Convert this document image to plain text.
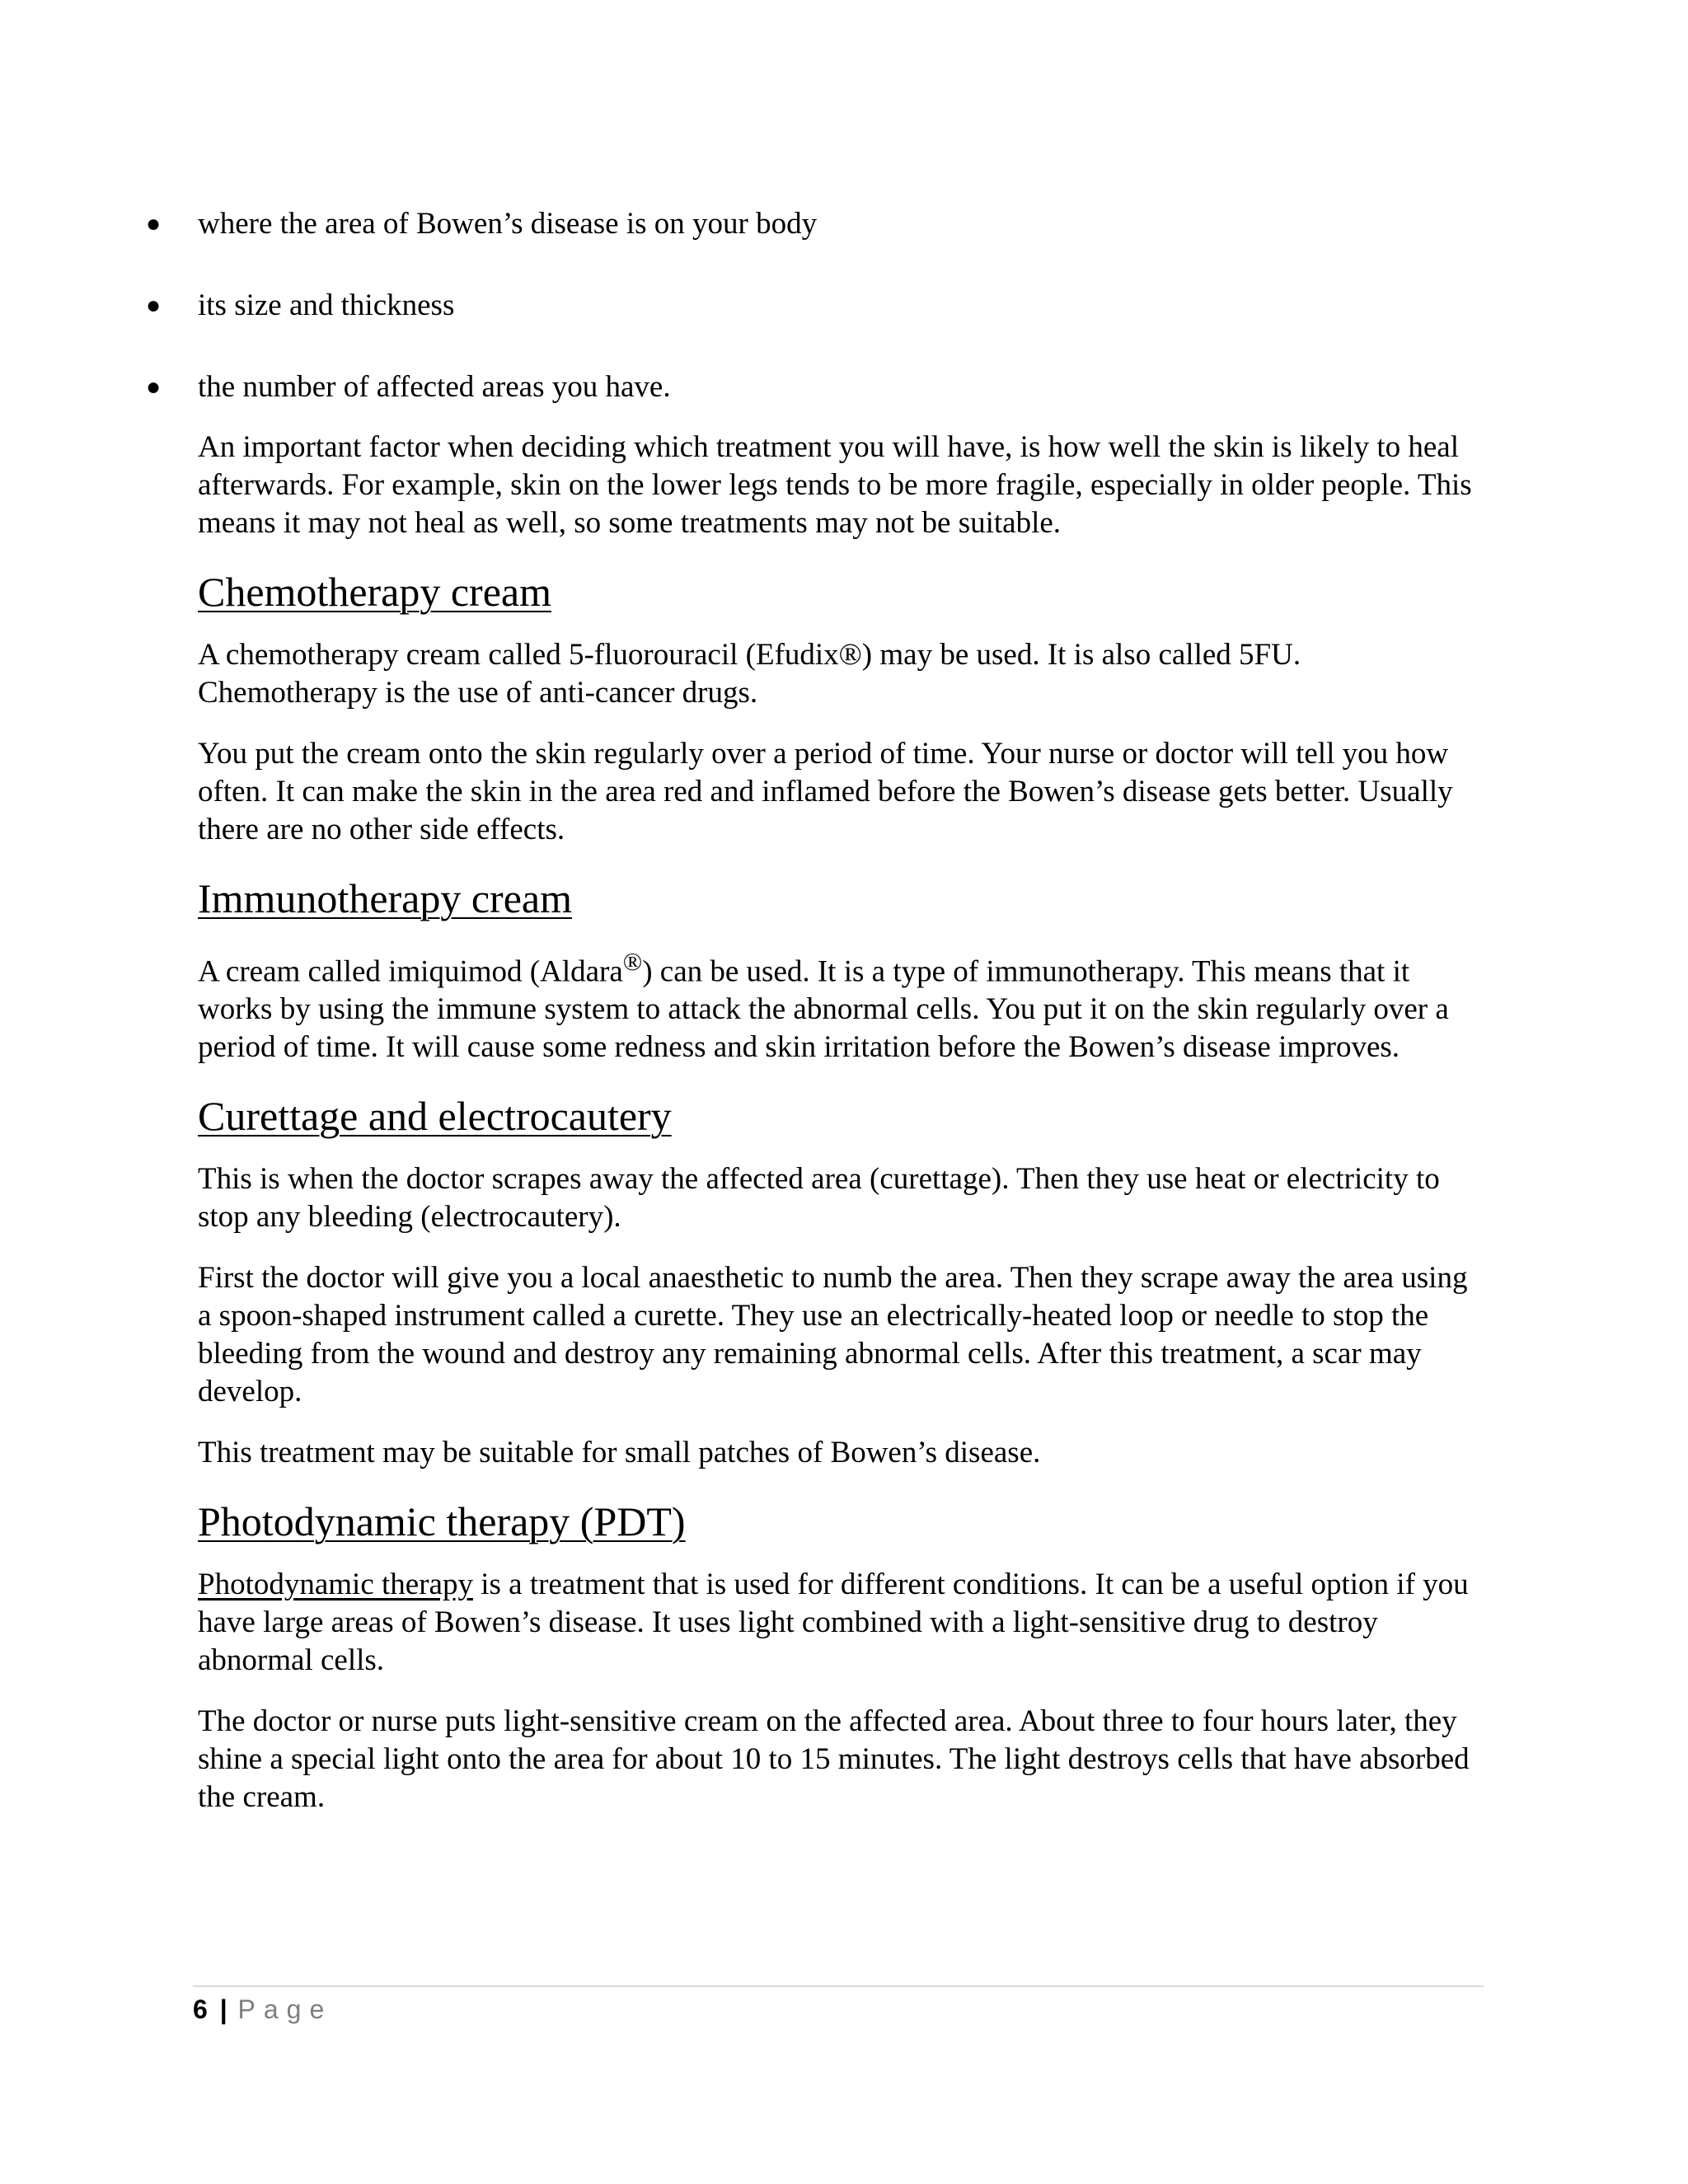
● where the area of Bowen’s disease is on your body
● its size and thickness
● the number of affected areas you have.

An important factor when deciding which treatment you will have, is how well the skin is likely to heal afterwards. For example, skin on the lower legs tends to be more fragile, especially in older people. This means it may not heal as well, so some treatments may not be suitable.

Chemotherapy cream

A chemotherapy cream called 5-fluorouracil (Efudix®) may be used. It is also called 5FU. Chemotherapy is the use of anti-cancer drugs.

You put the cream onto the skin regularly over a period of time. Your nurse or doctor will tell you how often. It can make the skin in the area red and inflamed before the Bowen’s disease gets better. Usually there are no other side effects.

Immunotherapy cream

A cream called imiquimod (Aldara®) can be used. It is a type of immunotherapy. This means that it works by using the immune system to attack the abnormal cells. You put it on the skin regularly over a period of time. It will cause some redness and skin irritation before the Bowen’s disease improves.

Curettage and electrocautery

This is when the doctor scrapes away the affected area (curettage). Then they use heat or electricity to stop any bleeding (electrocautery).

First the doctor will give you a local anaesthetic to numb the area. Then they scrape away the area using a spoon-shaped instrument called a curette. They use an electrically-heated loop or needle to stop the bleeding from the wound and destroy any remaining abnormal cells. After this treatment, a scar may develop.

This treatment may be suitable for small patches of Bowen’s disease.

Photodynamic therapy (PDT)

Photodynamic therapy is a treatment that is used for different conditions. It can be a useful option if you have large areas of Bowen’s disease. It uses light combined with a light-sensitive drug to destroy abnormal cells.

The doctor or nurse puts light-sensitive cream on the affected area. About three to four hours later, they shine a special light onto the area for about 10 to 15 minutes. The light destroys cells that have absorbed the cream.

6 | Page
